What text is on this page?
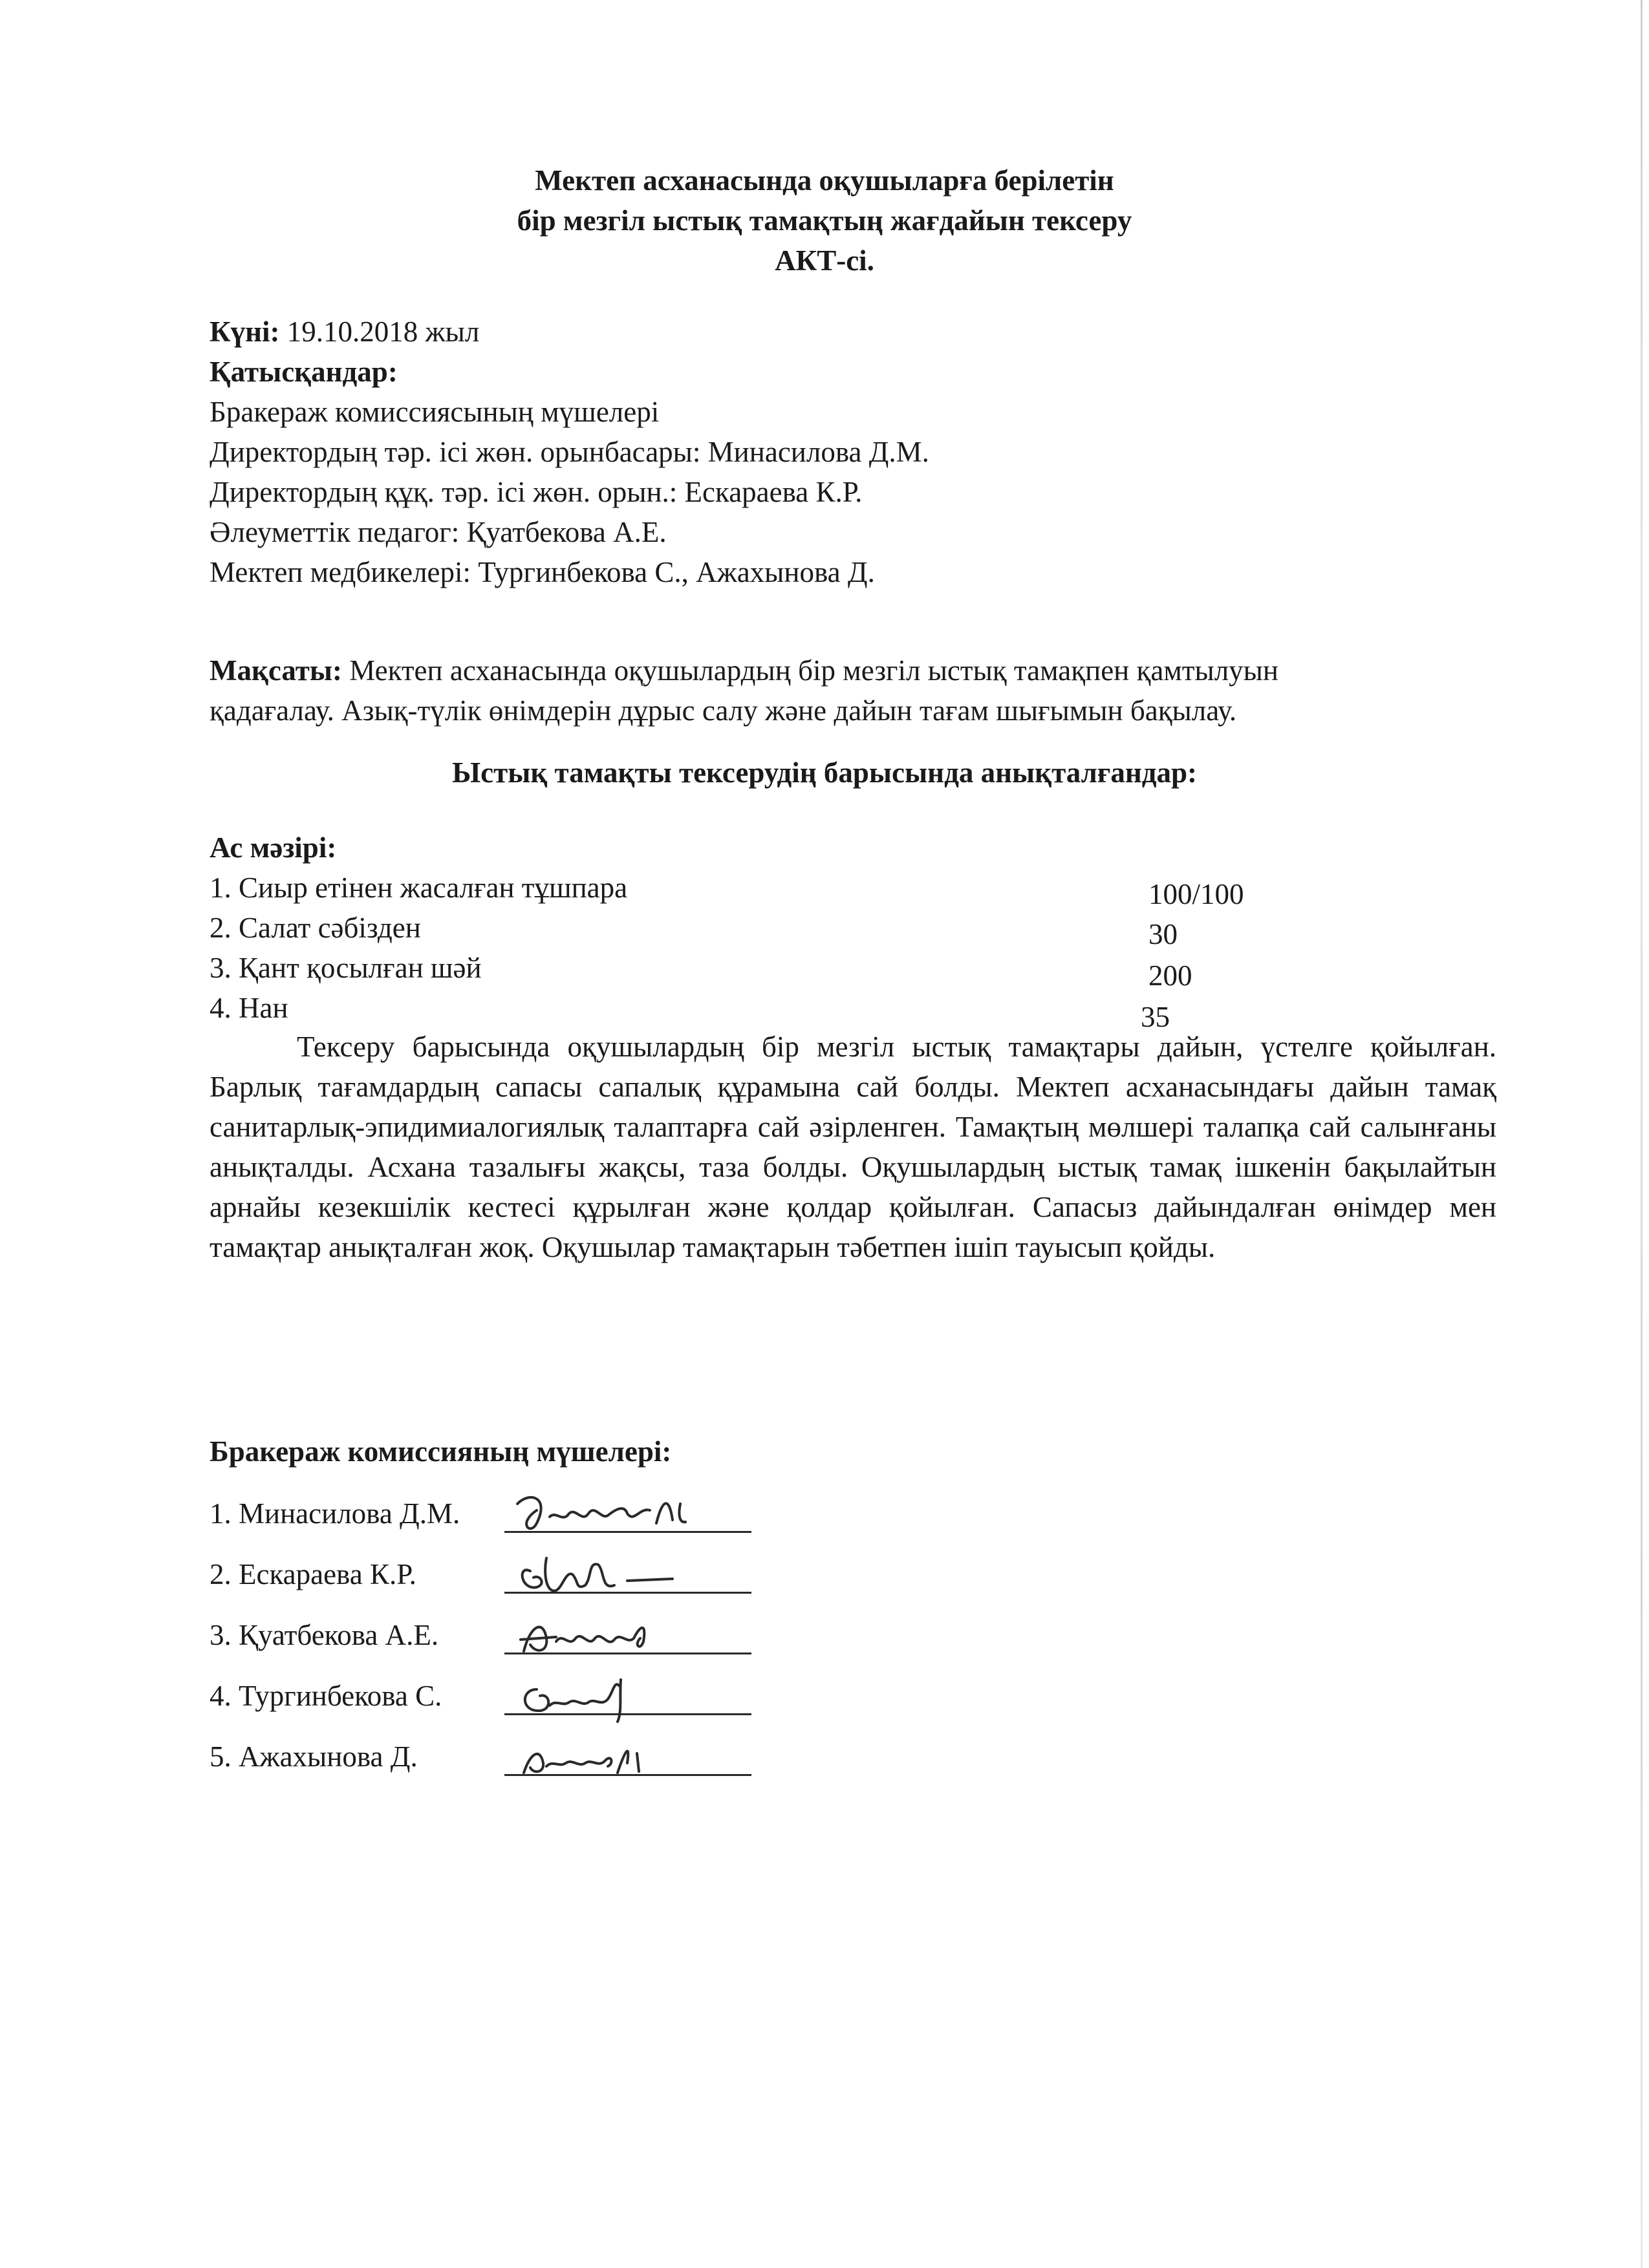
Мектеп асханасында оқушыларға берілетін
бір мезгіл ыстық тамақтың жағдайын тексеру
АКТ-сі.
Күні: 19.10.2018 жыл
Қатысқандар:
Бракераж комиссиясының мүшелері
Директордың тәр. ісі жөн. орынбасары: Минасилова Д.М.
Директордың құқ. тәр. ісі жөн. орын.: Ескараева К.Р.
Әлеуметтік педагог: Қуатбекова А.Е.
Мектеп медбикелері: Тургинбекова С., Ажахынова Д.
Мақсаты: Мектеп асханасында оқушылардың бір мезгіл ыстық тамақпен қамтылуын
қадағалау. Азық-түлік өнімдерін дұрыс салу және дайын тағам шығымын бақылау.
Ыстық тамақты тексерудің барысында анықталғандар:
Ас мәзірі:
1. Сиыр етінен жасалған тұшпара	100/100
2. Салат сәбізден	30
3. Қант қосылған шәй	200
4. Нан	35
Тексеру барысында оқушылардың бір мезгіл ыстық тамақтары дайын, үстелге қойылған. Барлық тағамдардың сапасы сапалық құрамына сай болды. Мектеп асханасындағы дайын тамақ санитарлық-эпидимиалогиялық талаптарға сай әзірленген. Тамақтың мөлшері талапқа сай салынғаны анықталды. Асхана тазалығы жақсы, таза болды. Оқушылардың ыстық тамақ ішкенін бақылайтын арнайы кезекшілік кестесі құрылған және қолдар қойылған. Сапасыз дайындалған өнімдер мен тамақтар анықталған жоқ. Оқушылар тамақтарын тәбетпен ішіп тауысып қойды.
Бракераж комиссияның мүшелері:
1. Минасилова Д.М.
2. Ескараева К.Р.
3. Қуатбекова А.Е.
4. Тургинбекова С.
5. Ажахынова Д.
